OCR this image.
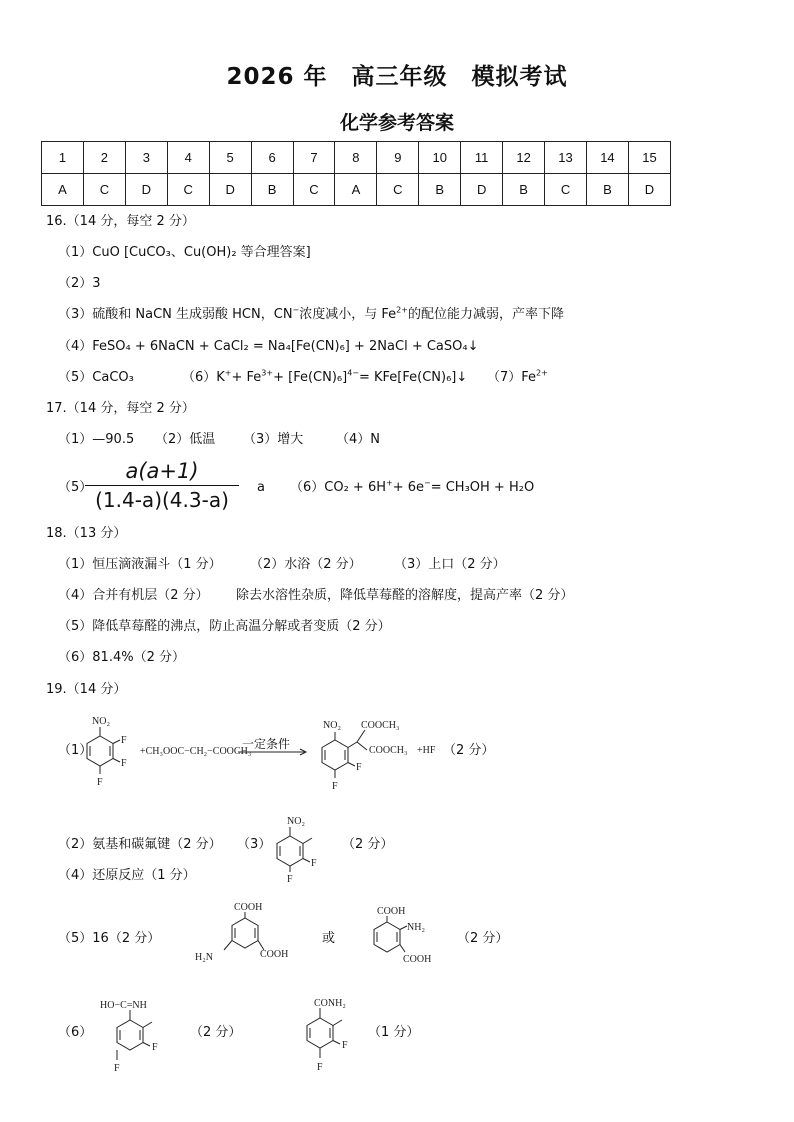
2026 年　高三年级　模拟考试
化学参考答案
1	2	3	4	5	6	7	8	9	10	11	12	13	14	15
A	C	D	C	D	B	C	A	C	B	D	B	C	B	D
16.（14 分，每空 2 分）
（1）CuO [CuCO₃、Cu(OH)₂ 等合理答案]
（2）3
（3）硫酸和 NaCN 生成弱酸 HCN，CN−浓度减小，与 $Fe^{2+}$的配位能力减弱，产率下降
（4）FeSO₄ + 6NaCN + CaCl₂ = Na₄[Fe(CN)₆] + 2NaCl + CaSO₄↓
（5）CaCO₃	$(6)K^++ Fe^{3+}+ [Fe(CN)_6]^{4-}=$ KFe[Fe(CN)₆]↓ $(7)Fe^{2+}$
17.（14 分，每空 2 分）
（1）—90.5 （2）低温 （3）增大	（4）N
（5）
a(a+1)
(1.4-a)(4.3-a)
a （6）CO₂ + 6H++ 6e−= CH₃OH + H₂O
18.（13 分）
（1）恒压滴液漏斗（1 分） （2）水浴（2 分） （3）上口（2 分）
（4）合并有机层（2 分） 除去水溶性杂质，降低草莓醛的溶解度，提高产率（2 分）
（5）降低草莓醛的沸点，防止高温分解或者变质（2 分）
（6）81.4%（2 分）
19.（14 分）
（1）
NO₂
F
F
F
+CH₃OOC−CH₂−COOCH₃
一定条件
NO₂ COOCH₃
COOCH₃ +HF
F
F
（2 分）
（2）氨基和碳氟键（2 分） （3）
NO₂
F
F
（2 分）
（4）还原反应（1 分）
（5）16（2 分）
COOH
H₂N	COOH
或
COOH
NH₂
COOH
（2 分）
（6）
HO−C=NH
F
F
（2 分）
CONH₂
F
F
（1 分）
